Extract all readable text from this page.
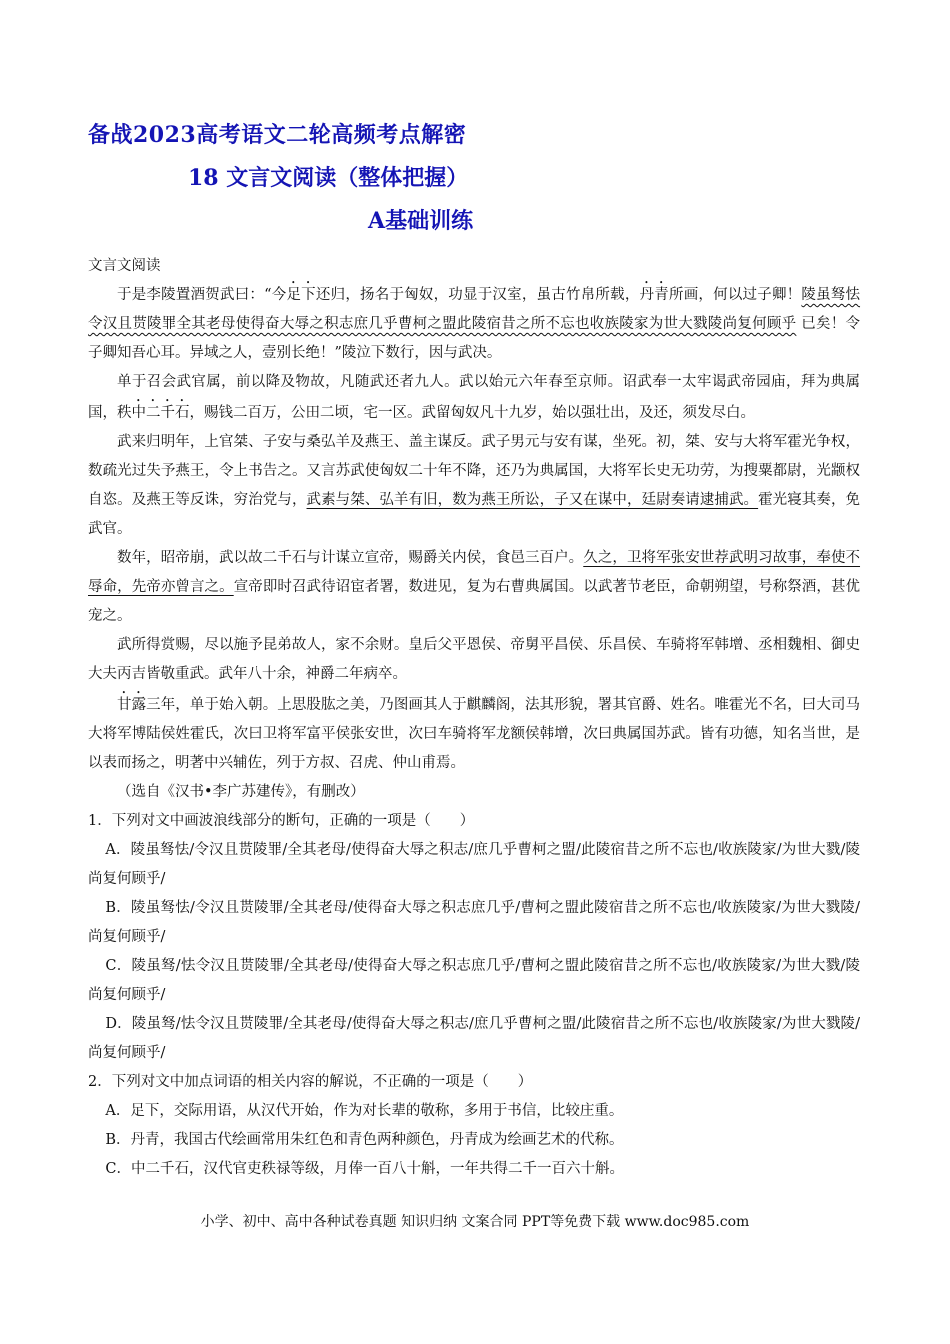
备战2023高考语文二轮高频考点解密
18 文言文阅读（整体把握）
A基础训练
文言文阅读

于是李陵置酒贺武曰：“今足下还归，扬名于匈奴，功显于汉室，虽古竹帛所载，丹青所画，何以过子卿！陵虽驽怯令汉且贳陵罪全其老母使得奋大辱之积志庶几乎曹柯之盟此陵宿昔之所不忘也收族陵家为世大戮陵尚复何顾乎 已矣！令子卿知吾心耳。异域之人，壹别长绝！”陵泣下数行，因与武决。

单于召会武官属，前以降及物故，凡随武还者九人。武以始元六年春至京师。诏武奉一太牢谒武帝园庙，拜为典属国，秩中二千石，赐钱二百万，公田二顷，宅一区。武留匈奴凡十九岁，始以强壮出，及还，须发尽白。

武来归明年，上官桀、子安与桑弘羊及燕王、盖主谋反。武子男元与安有谋，坐死。初，桀、安与大将军霍光争权，数疏光过失予燕王，令上书告之。又言苏武使匈奴二十年不降，还乃为典属国，大将军长史无功劳，为搜粟都尉，光颛权自恣。及燕王等反诛，穷治党与，武素与桀、弘羊有旧，数为燕王所讼，子又在谋中，廷尉奏请逮捕武。霍光寝其奏，免武官。

数年，昭帝崩，武以故二千石与计谋立宣帝，赐爵关内侯，食邑三百户。久之，卫将军张安世荐武明习故事，奉使不辱命，先帝亦曾言之。宣帝即时召武待诏宦者署，数进见，复为右曹典属国。以武著节老臣，命朝朔望，号称祭酒，甚优宠之。

武所得赏赐，尽以施予昆弟故人，家不余财。皇后父平恩侯、帝舅平昌侯、乐昌侯、车骑将军韩增、丞相魏相、御史大夫丙吉皆敬重武。武年八十余，神爵二年病卒。

甘露三年，单于始入朝。上思股肱之美，乃图画其人于麒麟阁，法其形貌，署其官爵、姓名。唯霍光不名，曰大司马大将军博陆侯姓霍氏，次曰卫将军富平侯张安世，次曰车骑将军龙额侯韩增，次曰典属国苏武。皆有功德，知名当世，是以表而扬之，明著中兴辅佐，列于方叔、召虎、仲山甫焉。

（选自《汉书•李广苏建传》，有删改）

1．下列对文中画波浪线部分的断句，正确的一项是（　　）

A．陵虽驽怯/令汉且贳陵罪/全其老母/使得奋大辱之积志/庶几乎曹柯之盟/此陵宿昔之所不忘也/收族陵家/为世大戮/陵尚复何顾乎/

B．陵虽驽怯/令汉且贳陵罪/全其老母/使得奋大辱之积志庶几乎/曹柯之盟此陵宿昔之所不忘也/收族陵家/为世大戮陵/尚复何顾乎/

C．陵虽驽/怯令汉且贳陵罪/全其老母/使得奋大辱之积志庶几乎/曹柯之盟此陵宿昔之所不忘也/收族陵家/为世大戮/陵尚复何顾乎/

D．陵虽驽/怯令汉且贳陵罪/全其老母/使得奋大辱之积志/庶几乎曹柯之盟/此陵宿昔之所不忘也/收族陵家/为世大戮陵/尚复何顾乎/

2．下列对文中加点词语的相关内容的解说，不正确的一项是（　　）

A．足下，交际用语，从汉代开始，作为对长辈的敬称，多用于书信，比较庄重。

B．丹青，我国古代绘画常用朱红色和青色两种颜色，丹青成为绘画艺术的代称。

C．中二千石，汉代官吏秩禄等级，月俸一百八十斛，一年共得二千一百六十斛。

小学、初中、高中各种试卷真题 知识归纳 文案合同 PPT等免费下载 www.doc985.com
